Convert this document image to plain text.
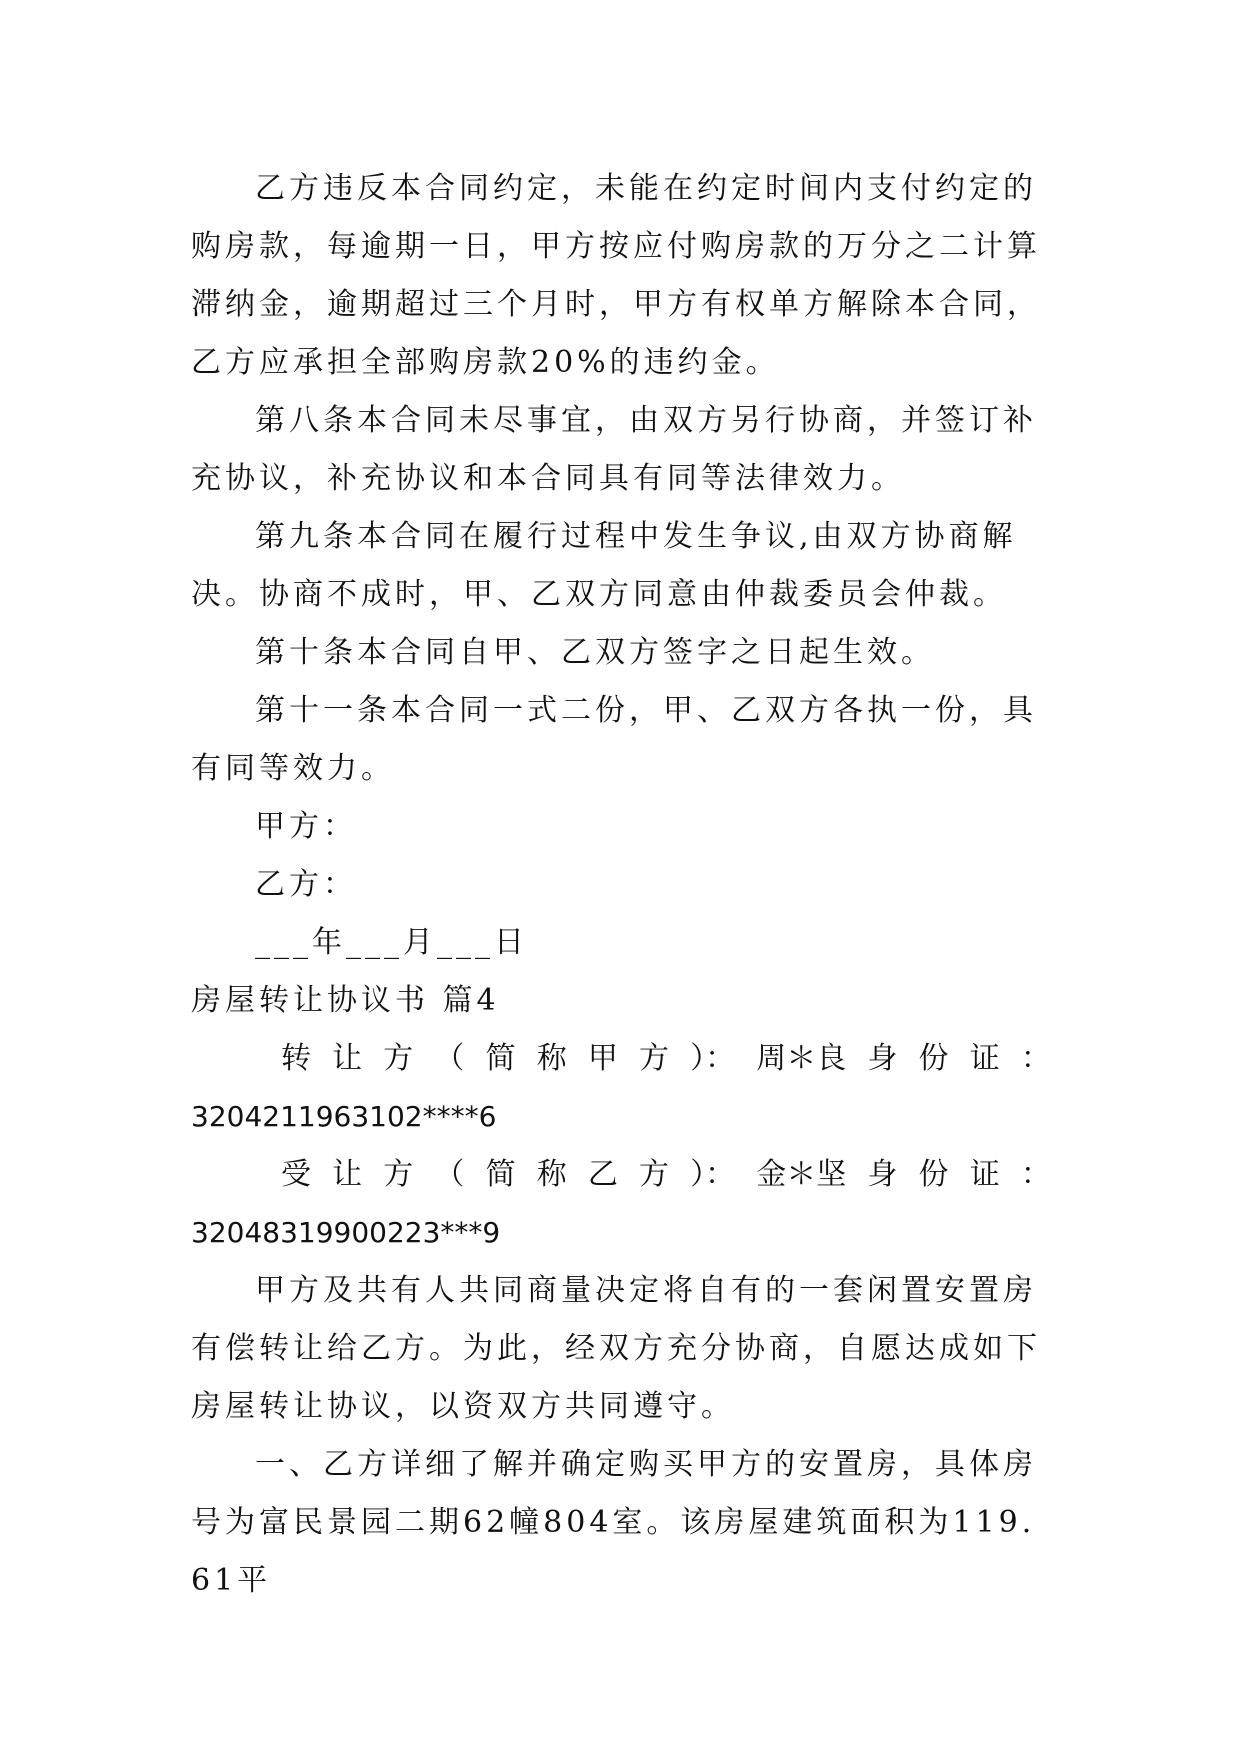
乙方违反本合同约定，未能在约定时间内支付约定的购房款，每逾期一日，甲方按应付购房款的万分之二计算滞纳金，逾期超过三个月时，甲方有权单方解除本合同，乙方应承担全部购房款20%的违约金。

第八条本合同未尽事宜，由双方另行协商，并签订补充协议，补充协议和本合同具有同等法律效力。

第九条本合同在履行过程中发生争议,由双方协商解决。协商不成时，甲、乙双方同意由仲裁委员会仲裁。

第十条本合同自甲、乙双方签字之日起生效。

第十一条本合同一式二份，甲、乙双方各执一份，具有同等效力。

甲方：

乙方：

___年___月___日

房屋转让协议书 篇4

转 让 方 （ 简 称 甲 方 ）： 周＊良 身 份 证 ：

3204211963102****6

受 让 方 （ 简 称 乙 方 ）： 金＊坚 身 份 证 ：

32048319900223***9

甲方及共有人共同商量决定将自有的一套闲置安置房有偿转让给乙方。为此，经双方充分协商，自愿达成如下房屋转让协议，以资双方共同遵守。

一、乙方详细了解并确定购买甲方的安置房，具体房号为富民景园二期62幢804室。该房屋建筑面积为119.61平
